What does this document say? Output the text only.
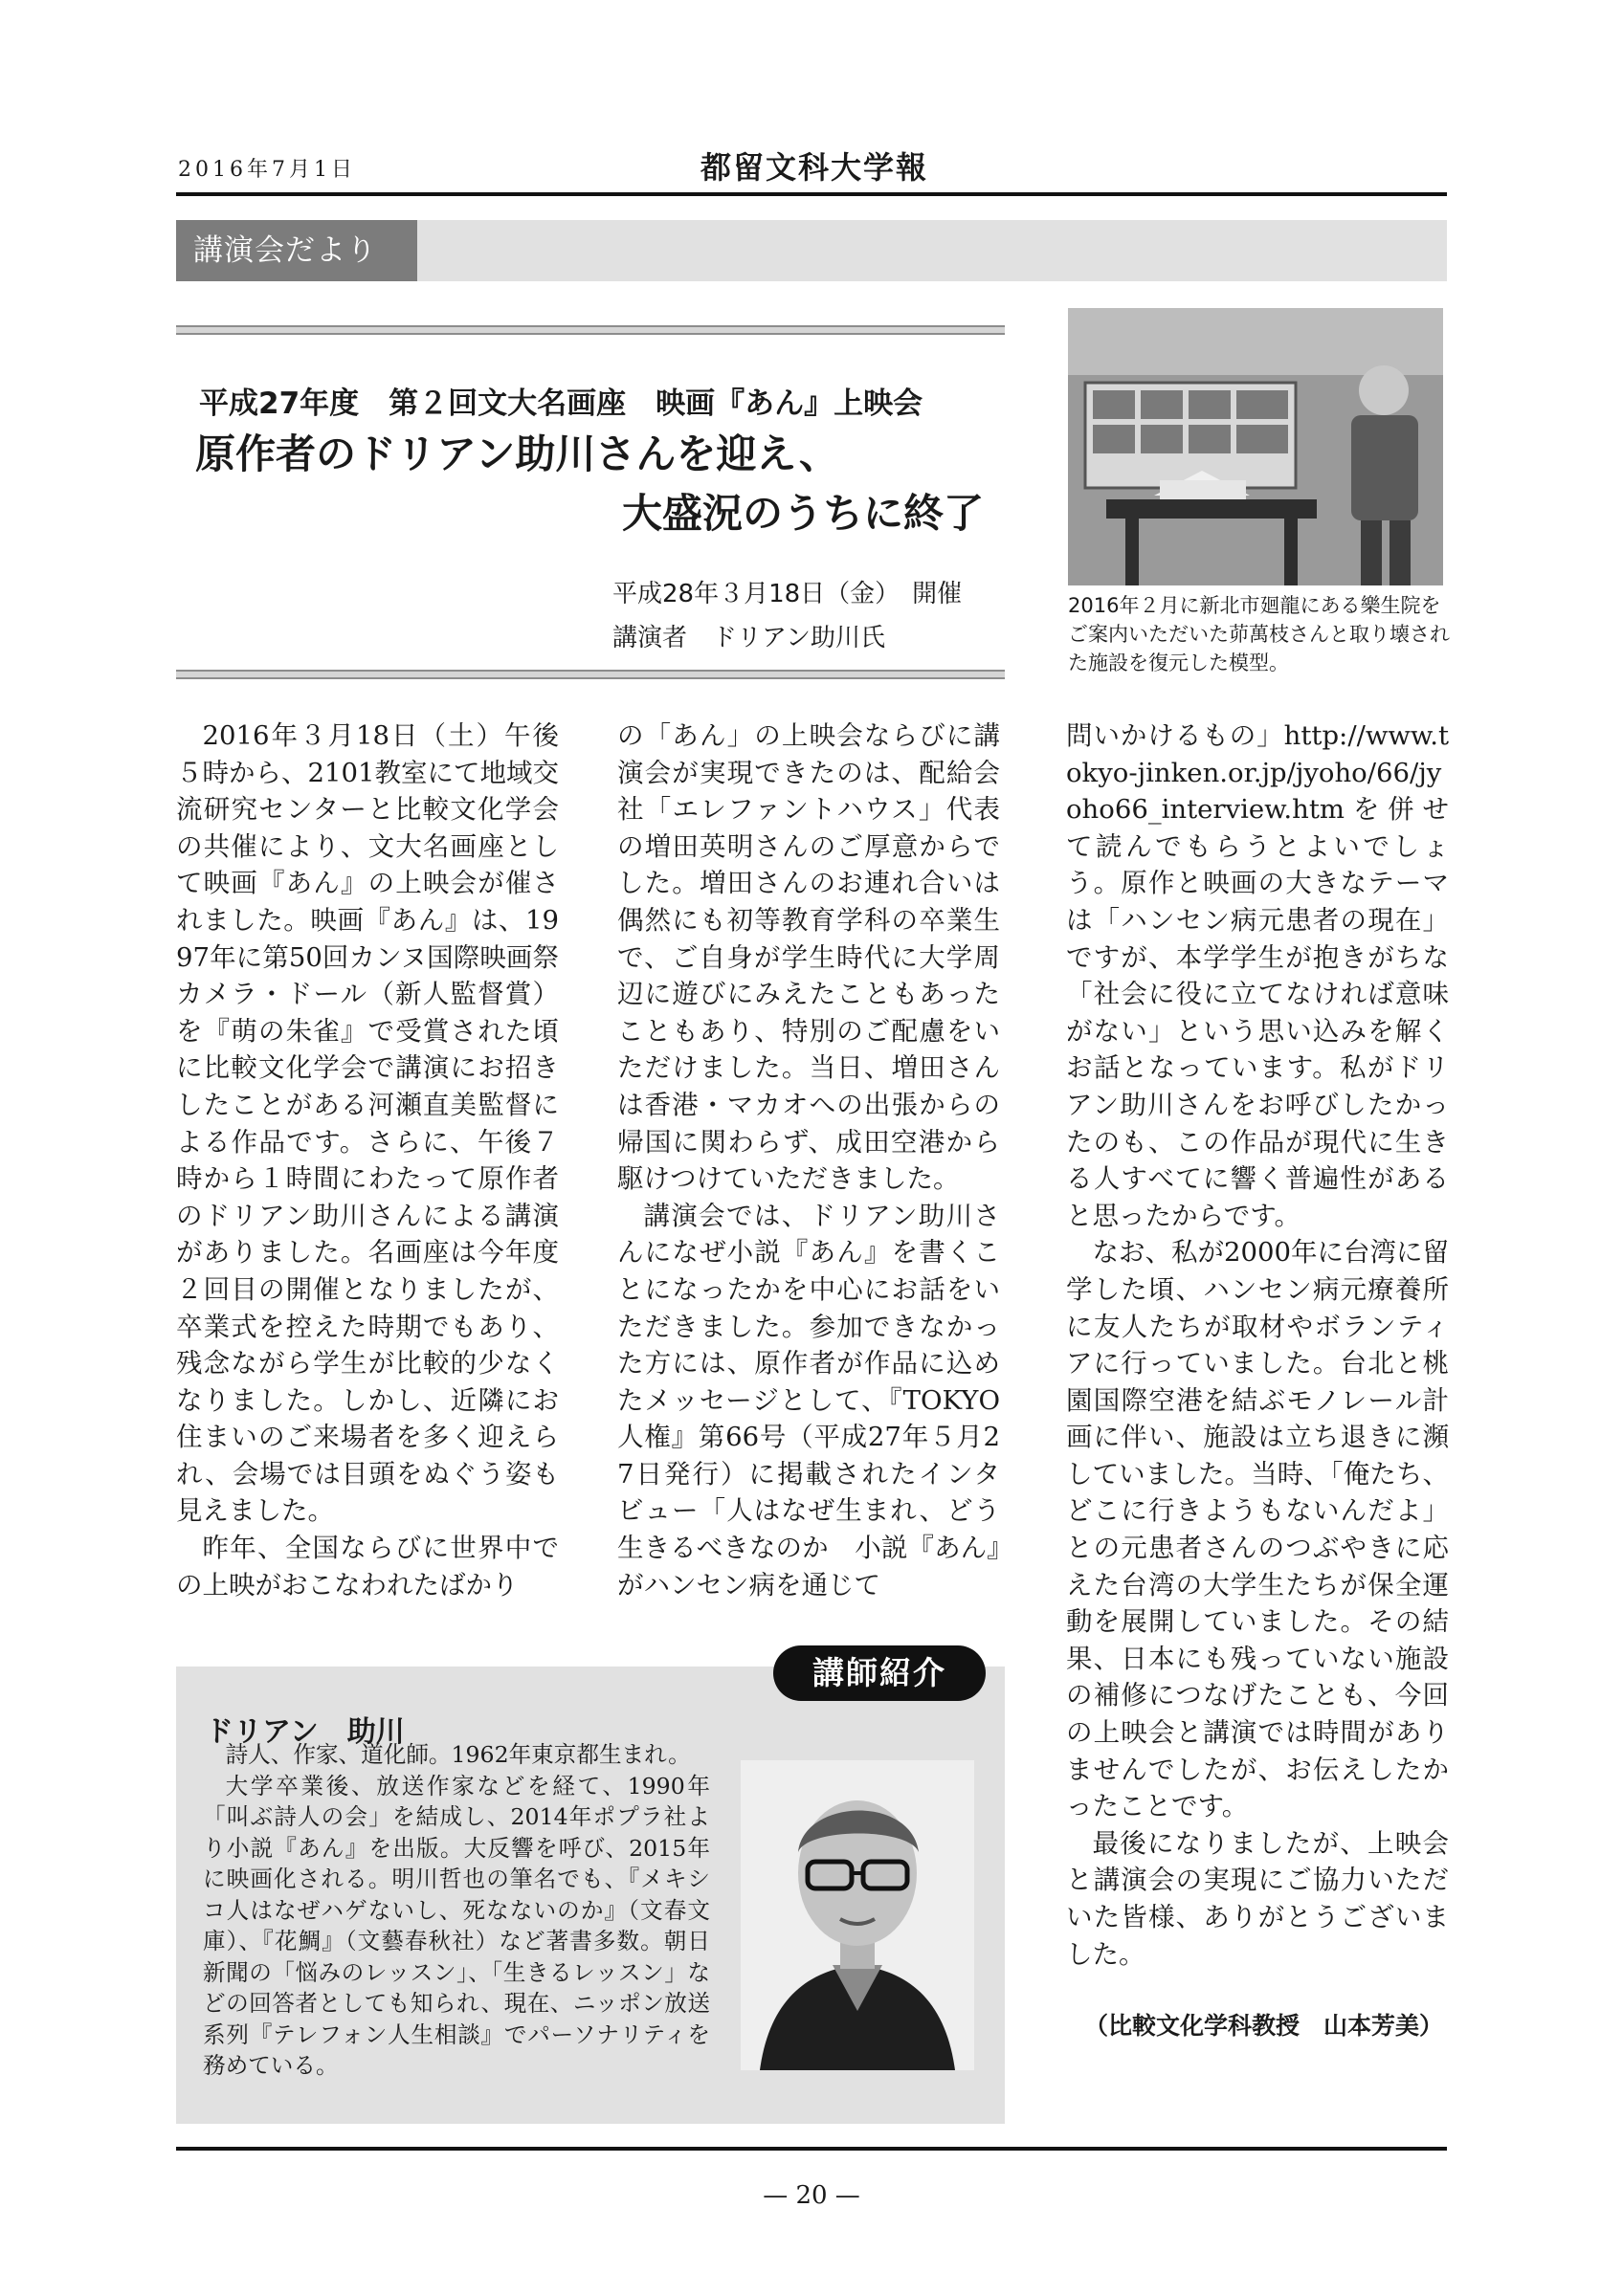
2016年7月1日	都留文科大学報
講演会だより
平成27年度　第２回文大名画座　映画『あん』上映会
原作者のドリアン助川さんを迎え、
大盛況のうちに終了
平成28年３月18日（金）　開催
講演者　ドリアン助川氏
2016年２月に新北市廻龍にある樂生院をご案内いただいた茆萬枝さんと取り壊された施設を復元した模型。

2016年３月18日（土）午後５時から、2101教室にて地域交流研究センターと比較文化学会の共催により、文大名画座として映画『あん』の上映会が催されました。映画『あん』は、1997年に第50回カンヌ国際映画祭 カメラ・ドール（新人監督賞）を『萌の朱雀』で受賞された頃に比較文化学会で講演にお招きしたことがある河瀬直美監督による作品です。さらに、午後７時から１時間にわたって原作者のドリアン助川さんによる講演がありました。名画座は今年度２回目の開催となりましたが、卒業式を控えた時期でもあり、残念ながら学生が比較的少なくなりました。しかし、近隣にお住まいのご来場者を多く迎えられ、会場では目頭をぬぐう姿も見えました。

昨年、全国ならびに世界中での上映がおこなわれたばかり

の「あん」の上映会ならびに講演会が実現できたのは、配給会社「エレファントハウス」代表の増田英明さんのご厚意からでした。増田さんのお連れ合いは偶然にも初等教育学科の卒業生で、ご自身が学生時代に大学周辺に遊びにみえたこともあったこともあり、特別のご配慮をいただけました。当日、増田さんは香港・マカオへの出張からの帰国に関わらず、成田空港から駆けつけていただきました。

講演会では、ドリアン助川さんになぜ小説『あん』を書くことになったかを中心にお話をいただきました。参加できなかった方には、原作者が作品に込めたメッセージとして、『TOKYO人権』第66号（平成27年５月27日発行）に掲載されたインタビュー「人はなぜ生まれ、どう生きるべきなのか　小説『あん』がハンセン病を通じて

問いかけるもの」http://www.tokyo-jinken.or.jp/jyoho/66/jyoho66_interview.htmを併せて読んでもらうとよいでしょう。原作と映画の大きなテーマは「ハンセン病元患者の現在」ですが、本学学生が抱きがちな「社会に役に立てなければ意味がない」という思い込みを解くお話となっています。私がドリアン助川さんをお呼びしたかったのも、この作品が現代に生きる人すべてに響く普遍性があると思ったからです。

なお、私が2000年に台湾に留学した頃、ハンセン病元療養所に友人たちが取材やボランティアに行っていました。台北と桃園国際空港を結ぶモノレール計画に伴い、施設は立ち退きに瀕していました。当時、「俺たち、どこに行きようもないんだよ」との元患者さんのつぶやきに応えた台湾の大学生たちが保全運動を展開していました。その結果、日本にも残っていない施設の補修につなげたことも、今回の上映会と講演では時間がありませんでしたが、お伝えしたかったことです。

最後になりましたが、上映会と講演会の実現にご協力いただいた皆様、ありがとうございました。

（比較文化学科教授　山本芳美）
講師紹介
ドリアン　助川

詩人、作家、道化師。1962年東京都生まれ。

大学卒業後、放送作家などを経て、1990年「叫ぶ詩人の会」を結成し、2014年ポプラ社より小説『あん』を出版。大反響を呼び、2015年に映画化される。明川哲也の筆名でも、『メキシコ人はなぜハゲないし、死なないのか』（文春文庫）、『花鯛』（文藝春秋社）など著書多数。朝日新聞の「悩みのレッスン」、「生きるレッスン」などの回答者としても知られ、現在、ニッポン放送系列『テレフォン人生相談』でパーソナリティを務めている。

— 20 —
